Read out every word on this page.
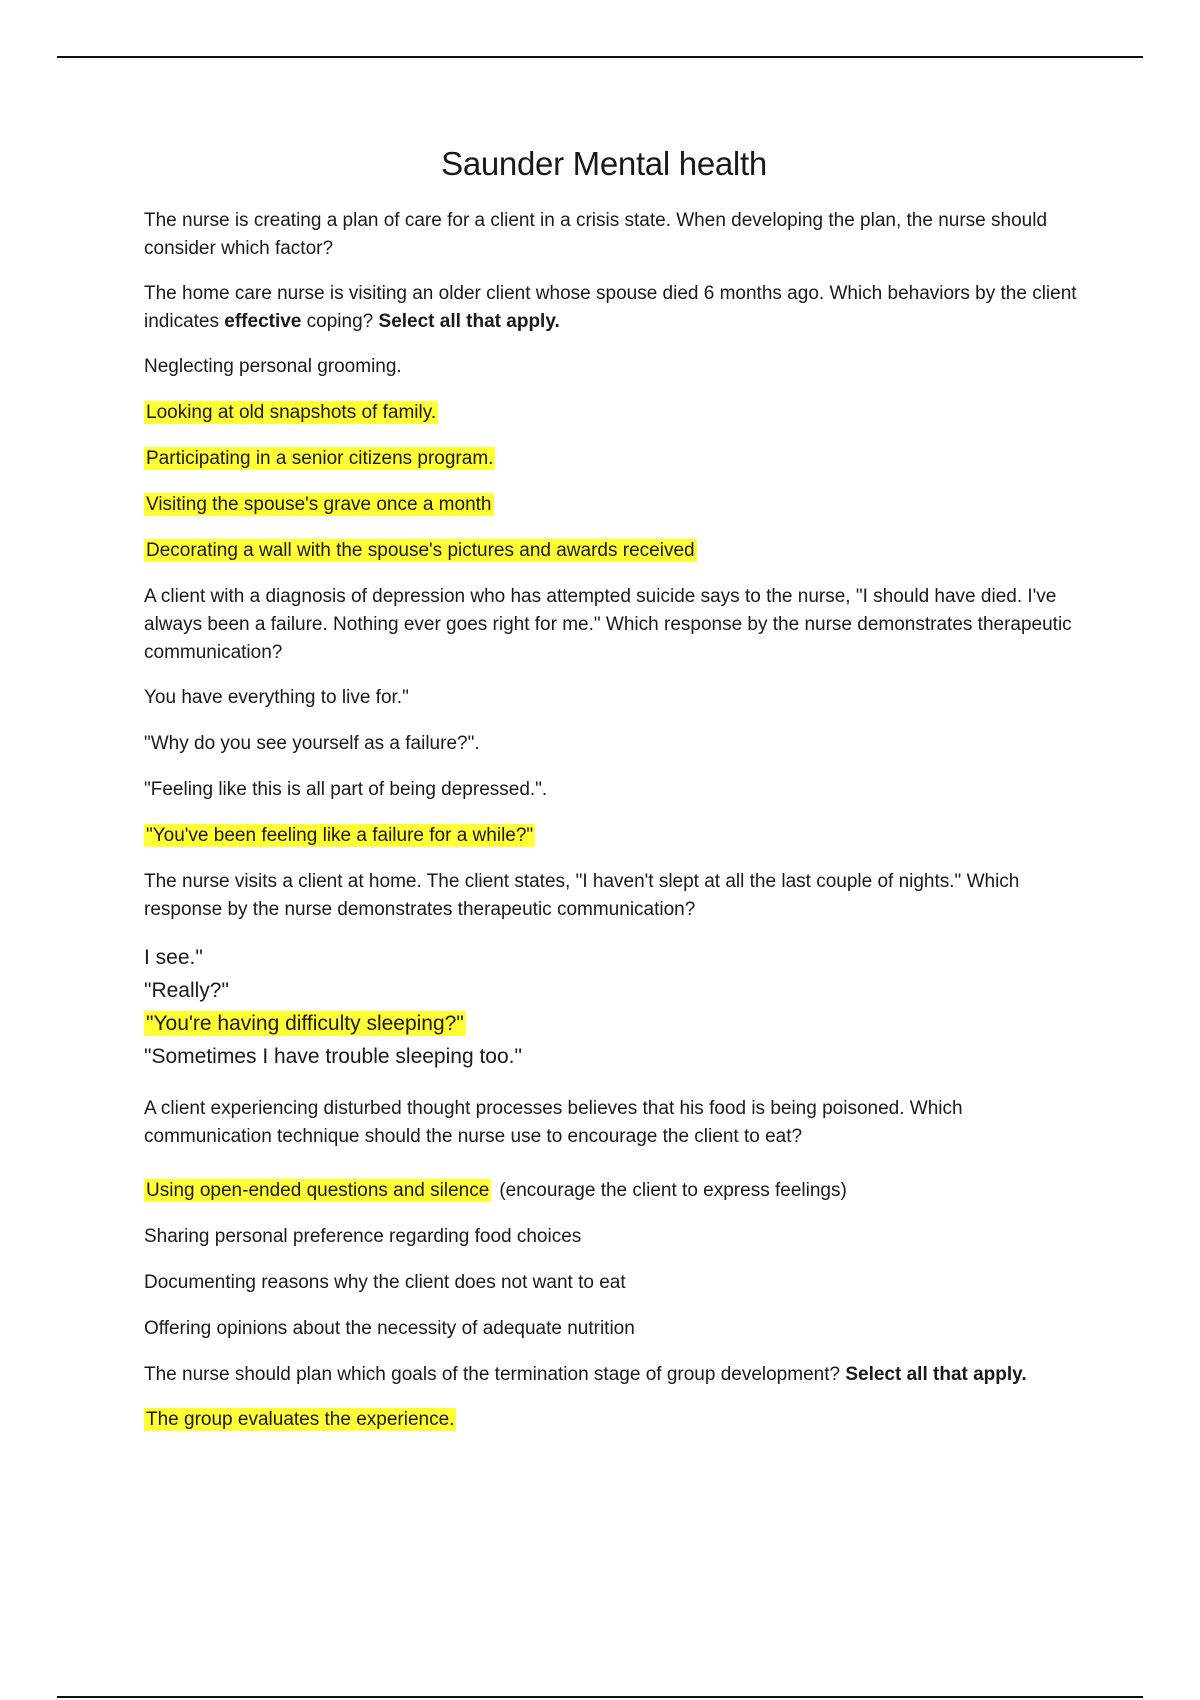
Saunder Mental health

The nurse is creating a plan of care for a client in a crisis state. When developing the plan, the nurse should consider which factor?

The home care nurse is visiting an older client whose spouse died 6 months ago. Which behaviors by the client indicates effective coping? Select all that apply.

Neglecting personal grooming.

Looking at old snapshots of family.

Participating in a senior citizens program.

Visiting the spouse's grave once a month

Decorating a wall with the spouse's pictures and awards received

A client with a diagnosis of depression who has attempted suicide says to the nurse, "I should have died. I've always been a failure. Nothing ever goes right for me." Which response by the nurse demonstrates therapeutic communication?

You have everything to live for."

"Why do you see yourself as a failure?".

"Feeling like this is all part of being depressed.".

"You've been feeling like a failure for a while?"

The nurse visits a client at home. The client states, "I haven't slept at all the last couple of nights." Which response by the nurse demonstrates therapeutic communication?

I see."

"Really?"

"You're having difficulty sleeping?"

"Sometimes I have trouble sleeping too."

A client experiencing disturbed thought processes believes that his food is being poisoned. Which communication technique should the nurse use to encourage the client to eat?

Using open-ended questions and silence (encourage the client to express feelings)

Sharing personal preference regarding food choices

Documenting reasons why the client does not want to eat

Offering opinions about the necessity of adequate nutrition

The nurse should plan which goals of the termination stage of group development? Select all that apply.

The group evaluates the experience.
